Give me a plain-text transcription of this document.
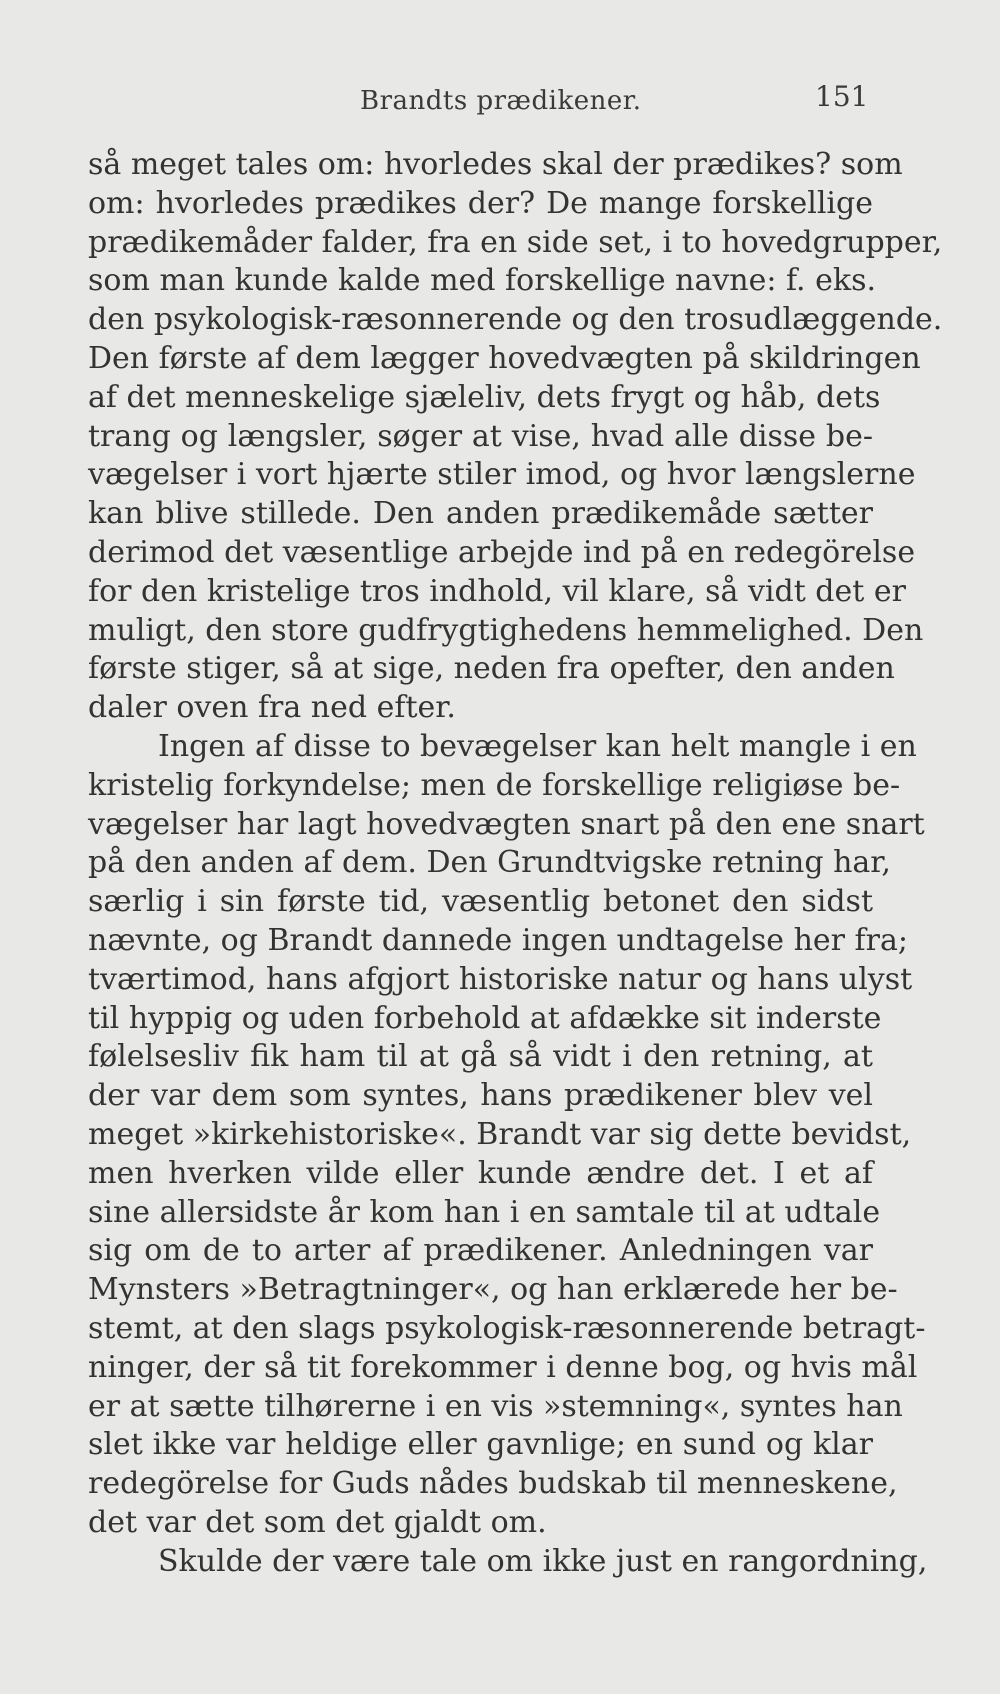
Brandts prædikener.	151
så meget tales om: hvorledes skal der prædikes? som
om: hvorledes prædikes der? De mange forskellige
prædikemåder falder, fra en side set, i to hovedgrupper,
som man kunde kalde med forskellige navne: f. eks.
den psykologisk-ræsonnerende og den trosudlæggende.
Den første af dem lægger hovedvægten på skildringen
af det menneskelige sjæleliv, dets frygt og håb, dets
trang og længsler, søger at vise, hvad alle disse be-
vægelser i vort hjærte stiler imod, og hvor længslerne
kan blive stillede. Den anden prædikemåde sætter
derimod det væsentlige arbejde ind på en redegörelse
for den kristelige tros indhold, vil klare, så vidt det er
muligt, den store gudfrygtighedens hemmelighed. Den
første stiger, så at sige, neden fra opefter, den anden
daler oven fra ned efter.
Ingen af disse to bevægelser kan helt mangle i en
kristelig forkyndelse; men de forskellige religiøse be-
vægelser har lagt hovedvægten snart på den ene snart
på den anden af dem. Den Grundtvigske retning har,
særlig i sin første tid, væsentlig betonet den sidst
nævnte, og Brandt dannede ingen undtagelse her fra;
tværtimod, hans afgjort historiske natur og hans ulyst
til hyppig og uden forbehold at afdække sit inderste
følelsesliv fik ham til at gå så vidt i den retning, at
der var dem som syntes, hans prædikener blev vel
meget »kirkehistoriske«. Brandt var sig dette bevidst,
men hverken vilde eller kunde ændre det. I et af
sine allersidste år kom han i en samtale til at udtale
sig om de to arter af prædikener. Anledningen var
Mynsters »Betragtninger«, og han erklærede her be-
stemt, at den slags psykologisk-ræsonnerende betragt-
ninger, der så tit forekommer i denne bog, og hvis mål
er at sætte tilhørerne i en vis »stemning«, syntes han
slet ikke var heldige eller gavnlige; en sund og klar
redegörelse for Guds nådes budskab til menneskene,
det var det som det gjaldt om.
Skulde der være tale om ikke just en rangordning,
